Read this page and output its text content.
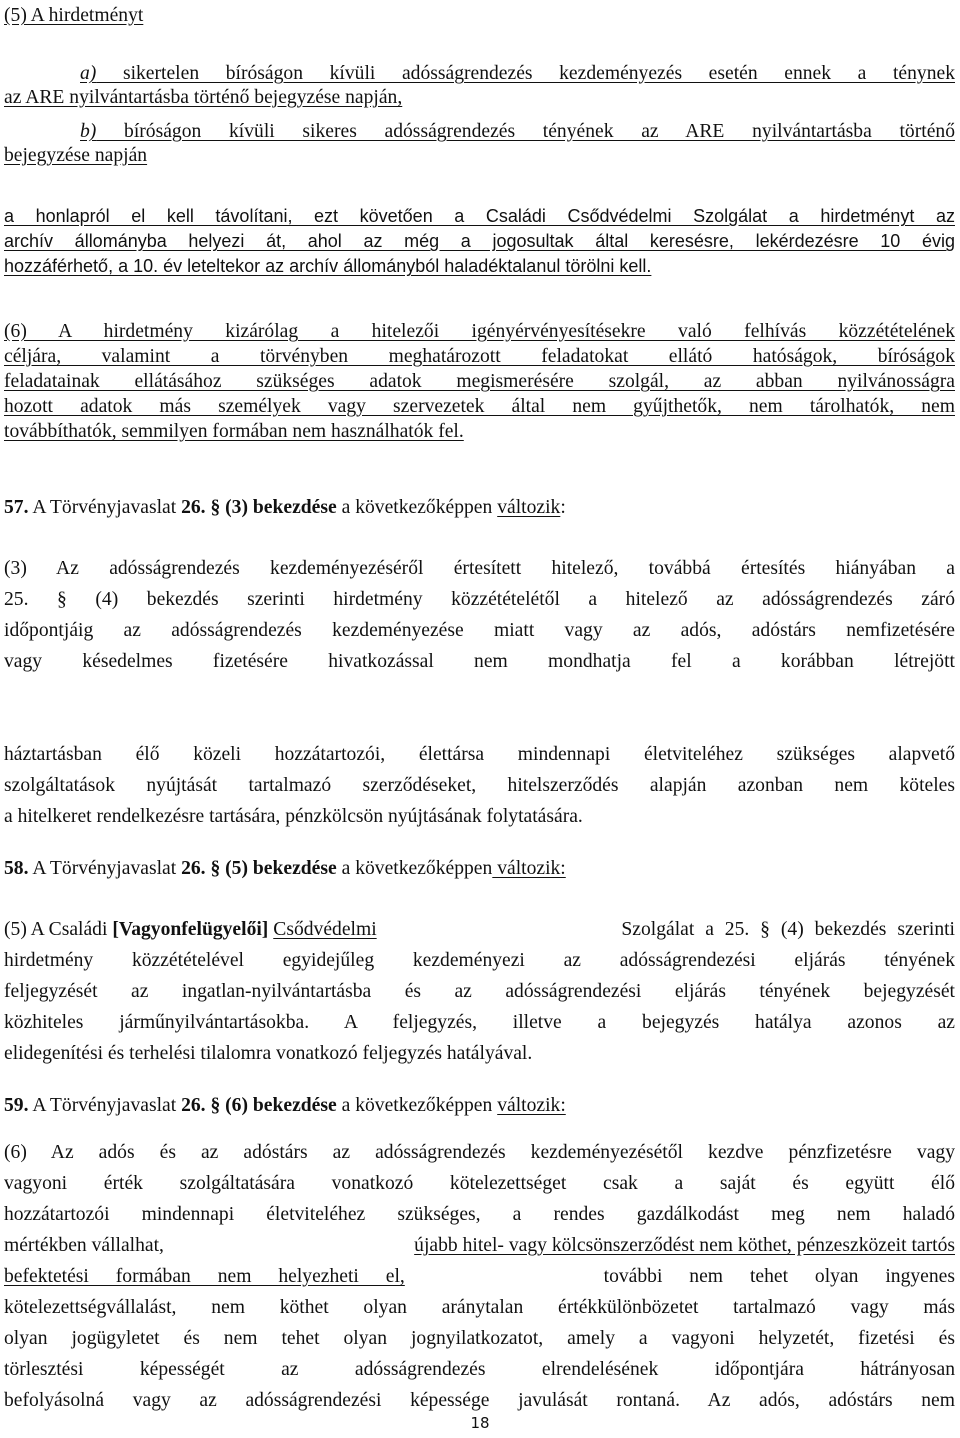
(5) A hirdetményt
a) sikertelen bíróságon kívüli adósságrendezés kezdeményezés esetén ennek a ténynek
az ARE nyilvántartásba történő bejegyzése napján,
b) bíróságon kívüli sikeres adósságrendezés tényének az ARE nyilvántartásba történő
bejegyzése napján
a honlapról el kell távolítani, ezt követően a Családi Csődvédelmi Szolgálat a hirdetményt az
archív állományba helyezi át, ahol az még a jogosultak által keresésre, lekérdezésre 10 évig
hozzáférhető, a 10. év leteltekor az archív állományból haladéktalanul törölni kell.
(6) A hirdetmény kizárólag a hitelezői igényérvényesítésekre való felhívás közzétételének
céljára, valamint a törvényben meghatározott feladatokat ellátó hatóságok, bíróságok
feladatainak ellátásához szükséges adatok megismerésére szolgál, az abban nyilvánosságra
hozott adatok más személyek vagy szervezetek által nem gyűjthetők, nem tárolhatók, nem
továbbíthatók, semmilyen formában nem használhatók fel.
57. A Törvényjavaslat 26. § (3) bekezdése a következőképpen változik:
(3) Az adósságrendezés kezdeményezéséről értesített hitelező, továbbá értesítés hiányában a
25. § (4) bekezdés szerinti hirdetmény közzétételétől a hitelező az adósságrendezés záró
időpontjáig az adósságrendezés kezdeményezése miatt vagy az adós, adóstárs nemfizetésére
vagy késedelmes fizetésére hivatkozással nem mondhatja fel a korábban létrejött
háztartásban élő közeli hozzátartozói, élettársa mindennapi életviteléhez szükséges alapvető
szolgáltatások nyújtását tartalmazó szerződéseket, hitelszerződés alapján azonban nem köteles
a hitelkeret rendelkezésre tartására, pénzkölcsön nyújtásának folytatására.
58. A Törvényjavaslat 26. § (5) bekezdése a következőképpen változik:
(5) A Családi [Vagyonfelügyelői] Csődvédelmi	Szolgálat a 25. § (4) bekezdés szerinti
hirdetmény közzétételével egyidejűleg kezdeményezi az adósságrendezési eljárás tényének
feljegyzését az ingatlan-nyilvántartásba és az adósságrendezési eljárás tényének bejegyzését
közhiteles járműnyilvántartásokba. A feljegyzés, illetve a bejegyzés hatálya azonos az
elidegenítési és terhelési tilalomra vonatkozó feljegyzés hatályával.
59. A Törvényjavaslat 26. § (6) bekezdése a következőképpen változik:
(6) Az adós és az adóstárs az adósságrendezés kezdeményezésétől kezdve pénzfizetésre vagy
vagyoni érték szolgáltatására vonatkozó kötelezettséget csak a saját és együtt élő
hozzátartozói mindennapi életviteléhez szükséges, a rendes gazdálkodást meg nem haladó
mértékben vállalhat,	újabb hitel- vagy kölcsönszerződést nem köthet, pénzeszközeit tartós
befektetési formában nem helyezheti el,	további nem tehet olyan ingyenes
kötelezettségvállalást, nem köthet olyan aránytalan értékkülönbözetet tartalmazó vagy más
olyan jogügyletet és nem tehet olyan jognyilatkozatot, amely a vagyoni helyzetét, fizetési és
törlesztési képességét az adósságrendezés elrendelésének időpontjára hátrányosan
befolyásolná vagy az adósságrendezési képessége javulását rontaná. Az adós, adóstárs nem
18
